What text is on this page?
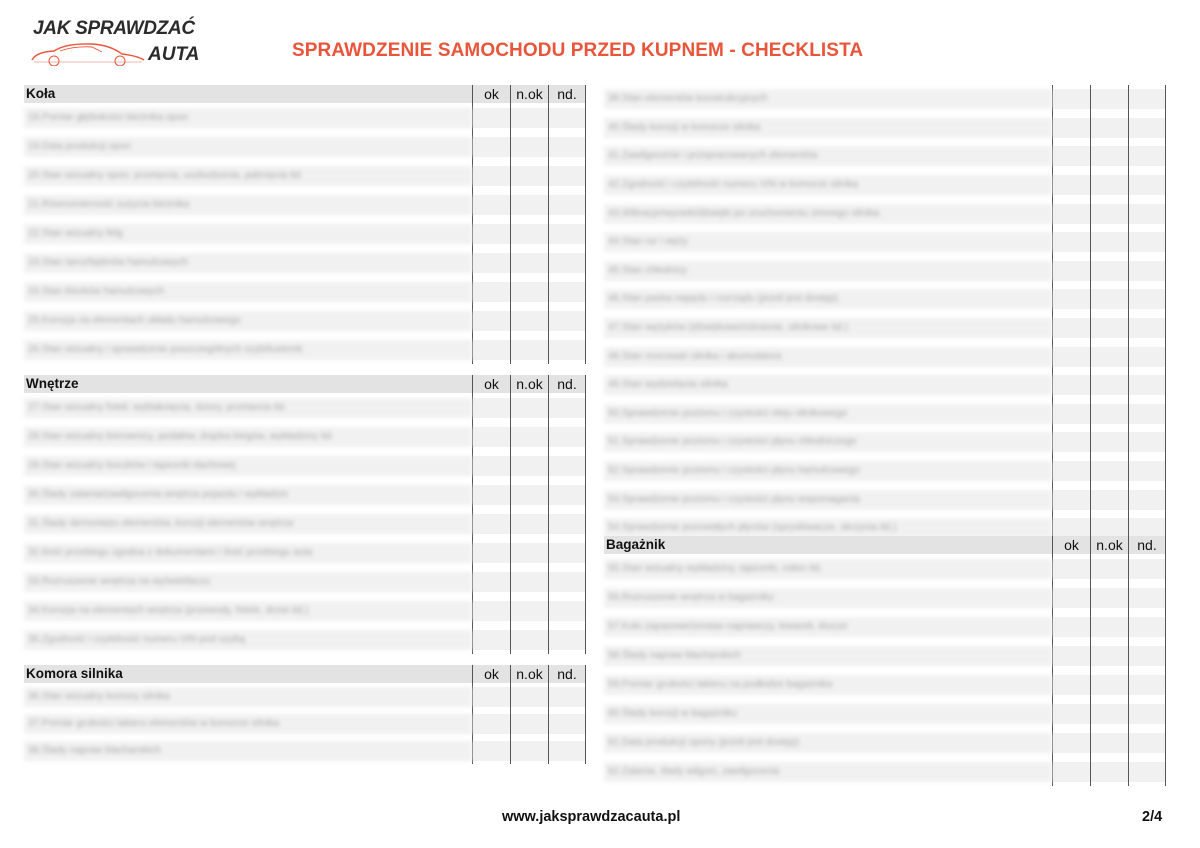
JAK SPRAWDZAĆ
AUTA	SPRAWDZENIE SAMOCHODU PRZED KUPNEM - CHECKLISTA
Koła	ok	n.ok	nd.
18.Pomiar głębokości bieżnika opon
19.Data produkcji opon
20.Stan wizualny opon: przetarcia, uszkodzenia, pęknięcia itd.
21.Równomierność zużycia bieżnika
22.Stan wizualny felg
23.Stan tarcz/bębnów hamulcowych
24.Stan klocków hamulcowych
25.Korozja na elementach układu hamulcowego
26.Stan wizualny i sprawdzenie poszczególnych szyb/lusterek
Wnętrze	ok	n.ok	nd.
27.Stan wizualny foteli: wyblaknięcia, dziury, przetarcia itd.
28.Stan wizualny kierownicy, pedałów, drążka biegów, wykładziny itd.
29.Stan wizualny boczków i tapicerki dachowej
30.Ślady zalania/zawilgocenia wnętrza pojazdu i wykładzin
31.Ślady demontażu elementów, korozji elementów wnętrza
32.Ilość przebiegu zgodna z dokumentami / ilość przebiegu auta
33.Rozruszenie wnętrza na wyświetlaczu
34.Korozja na elementach wnętrza (przewody, fotele, drzwi itd.)
35.Zgodność i czytelność numeru VIN pod szybą
Komora silnika	ok	n.ok	nd.
36.Stan wizualny komory silnika
37.Pomiar grubości lakieru elementów w komorze silnika
38.Ślady napraw blacharskich
39.Stan elementów konstrukcyjnych
40.Ślady korozji w komorze silnika
41.Zawilgocenie i przepracowanych elementów
42.Zgodność i czytelność numeru VIN w komorze silnika
43.Wibracje/wycieki/dźwięki po uruchomieniu zimnego silnika
44.Stan rur i węży
45.Stan chłodnicy
46.Stan paska napędu i rozrządu (jeżeli jest dostęp)
47.Stan wężyków (dźwiękowe/ciśnienie, silnikowe itd.)
48.Stan mocowań silnika i akumulatora
49.Stan wydzielania silnika
50.Sprawdzenie poziomu i czystości oleju silnikowego
51.Sprawdzenie poziomu i czystości płynu chłodniczego
52.Sprawdzenie poziomu i czystości płynu hamulcowego
53.Sprawdzenie poziomu i czystości płynu wspomagania
54.Sprawdzenie pozostałych płynów (spryskiwacze, skrzynia itd.)
Bagażnik	ok	n.ok	nd.
55.Stan wizualny wykładziny, tapicerki, osłon itd.
56.Rozruszenie wnętrza w bagażniku
57.Koło zapasowe/zestaw naprawczy, lewarek, klucze
58.Ślady napraw blacharskich
59.Pomiar grubości lakieru na podłodze bagażnika
60.Ślady korozji w bagażniku
61.Data produkcji opony (jeżeli jest dostęp)
62.Zalania, ślady wilgoci, zawilgocenia
www.jaksprawdzacauta.pl	2/4
